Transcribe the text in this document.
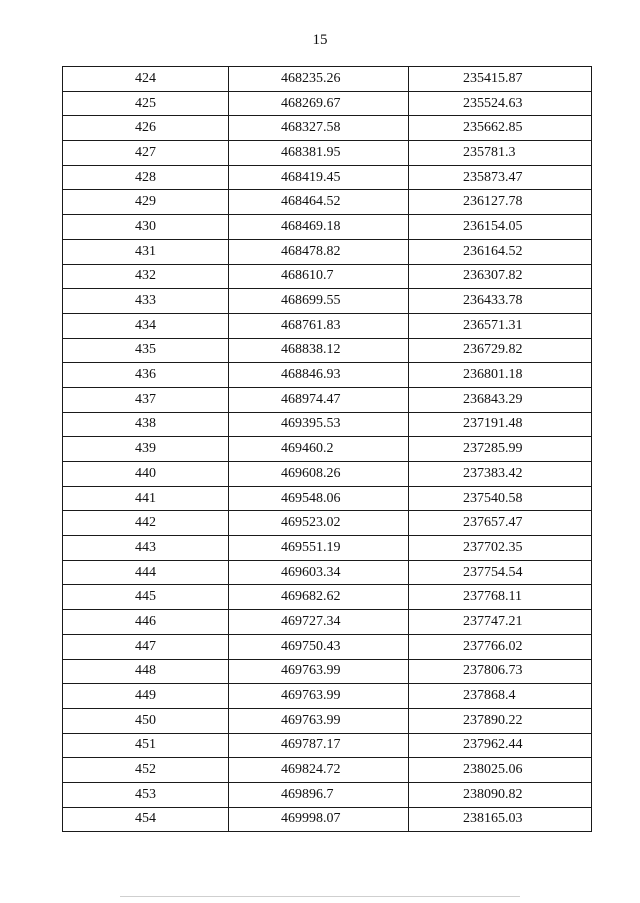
15
424	468235.26	235415.87
425	468269.67	235524.63
426	468327.58	235662.85
427	468381.95	235781.3
428	468419.45	235873.47
429	468464.52	236127.78
430	468469.18	236154.05
431	468478.82	236164.52
432	468610.7	236307.82
433	468699.55	236433.78
434	468761.83	236571.31
435	468838.12	236729.82
436	468846.93	236801.18
437	468974.47	236843.29
438	469395.53	237191.48
439	469460.2	237285.99
440	469608.26	237383.42
441	469548.06	237540.58
442	469523.02	237657.47
443	469551.19	237702.35
444	469603.34	237754.54
445	469682.62	237768.11
446	469727.34	237747.21
447	469750.43	237766.02
448	469763.99	237806.73
449	469763.99	237868.4
450	469763.99	237890.22
451	469787.17	237962.44
452	469824.72	238025.06
453	469896.7	238090.82
454	469998.07	238165.03
